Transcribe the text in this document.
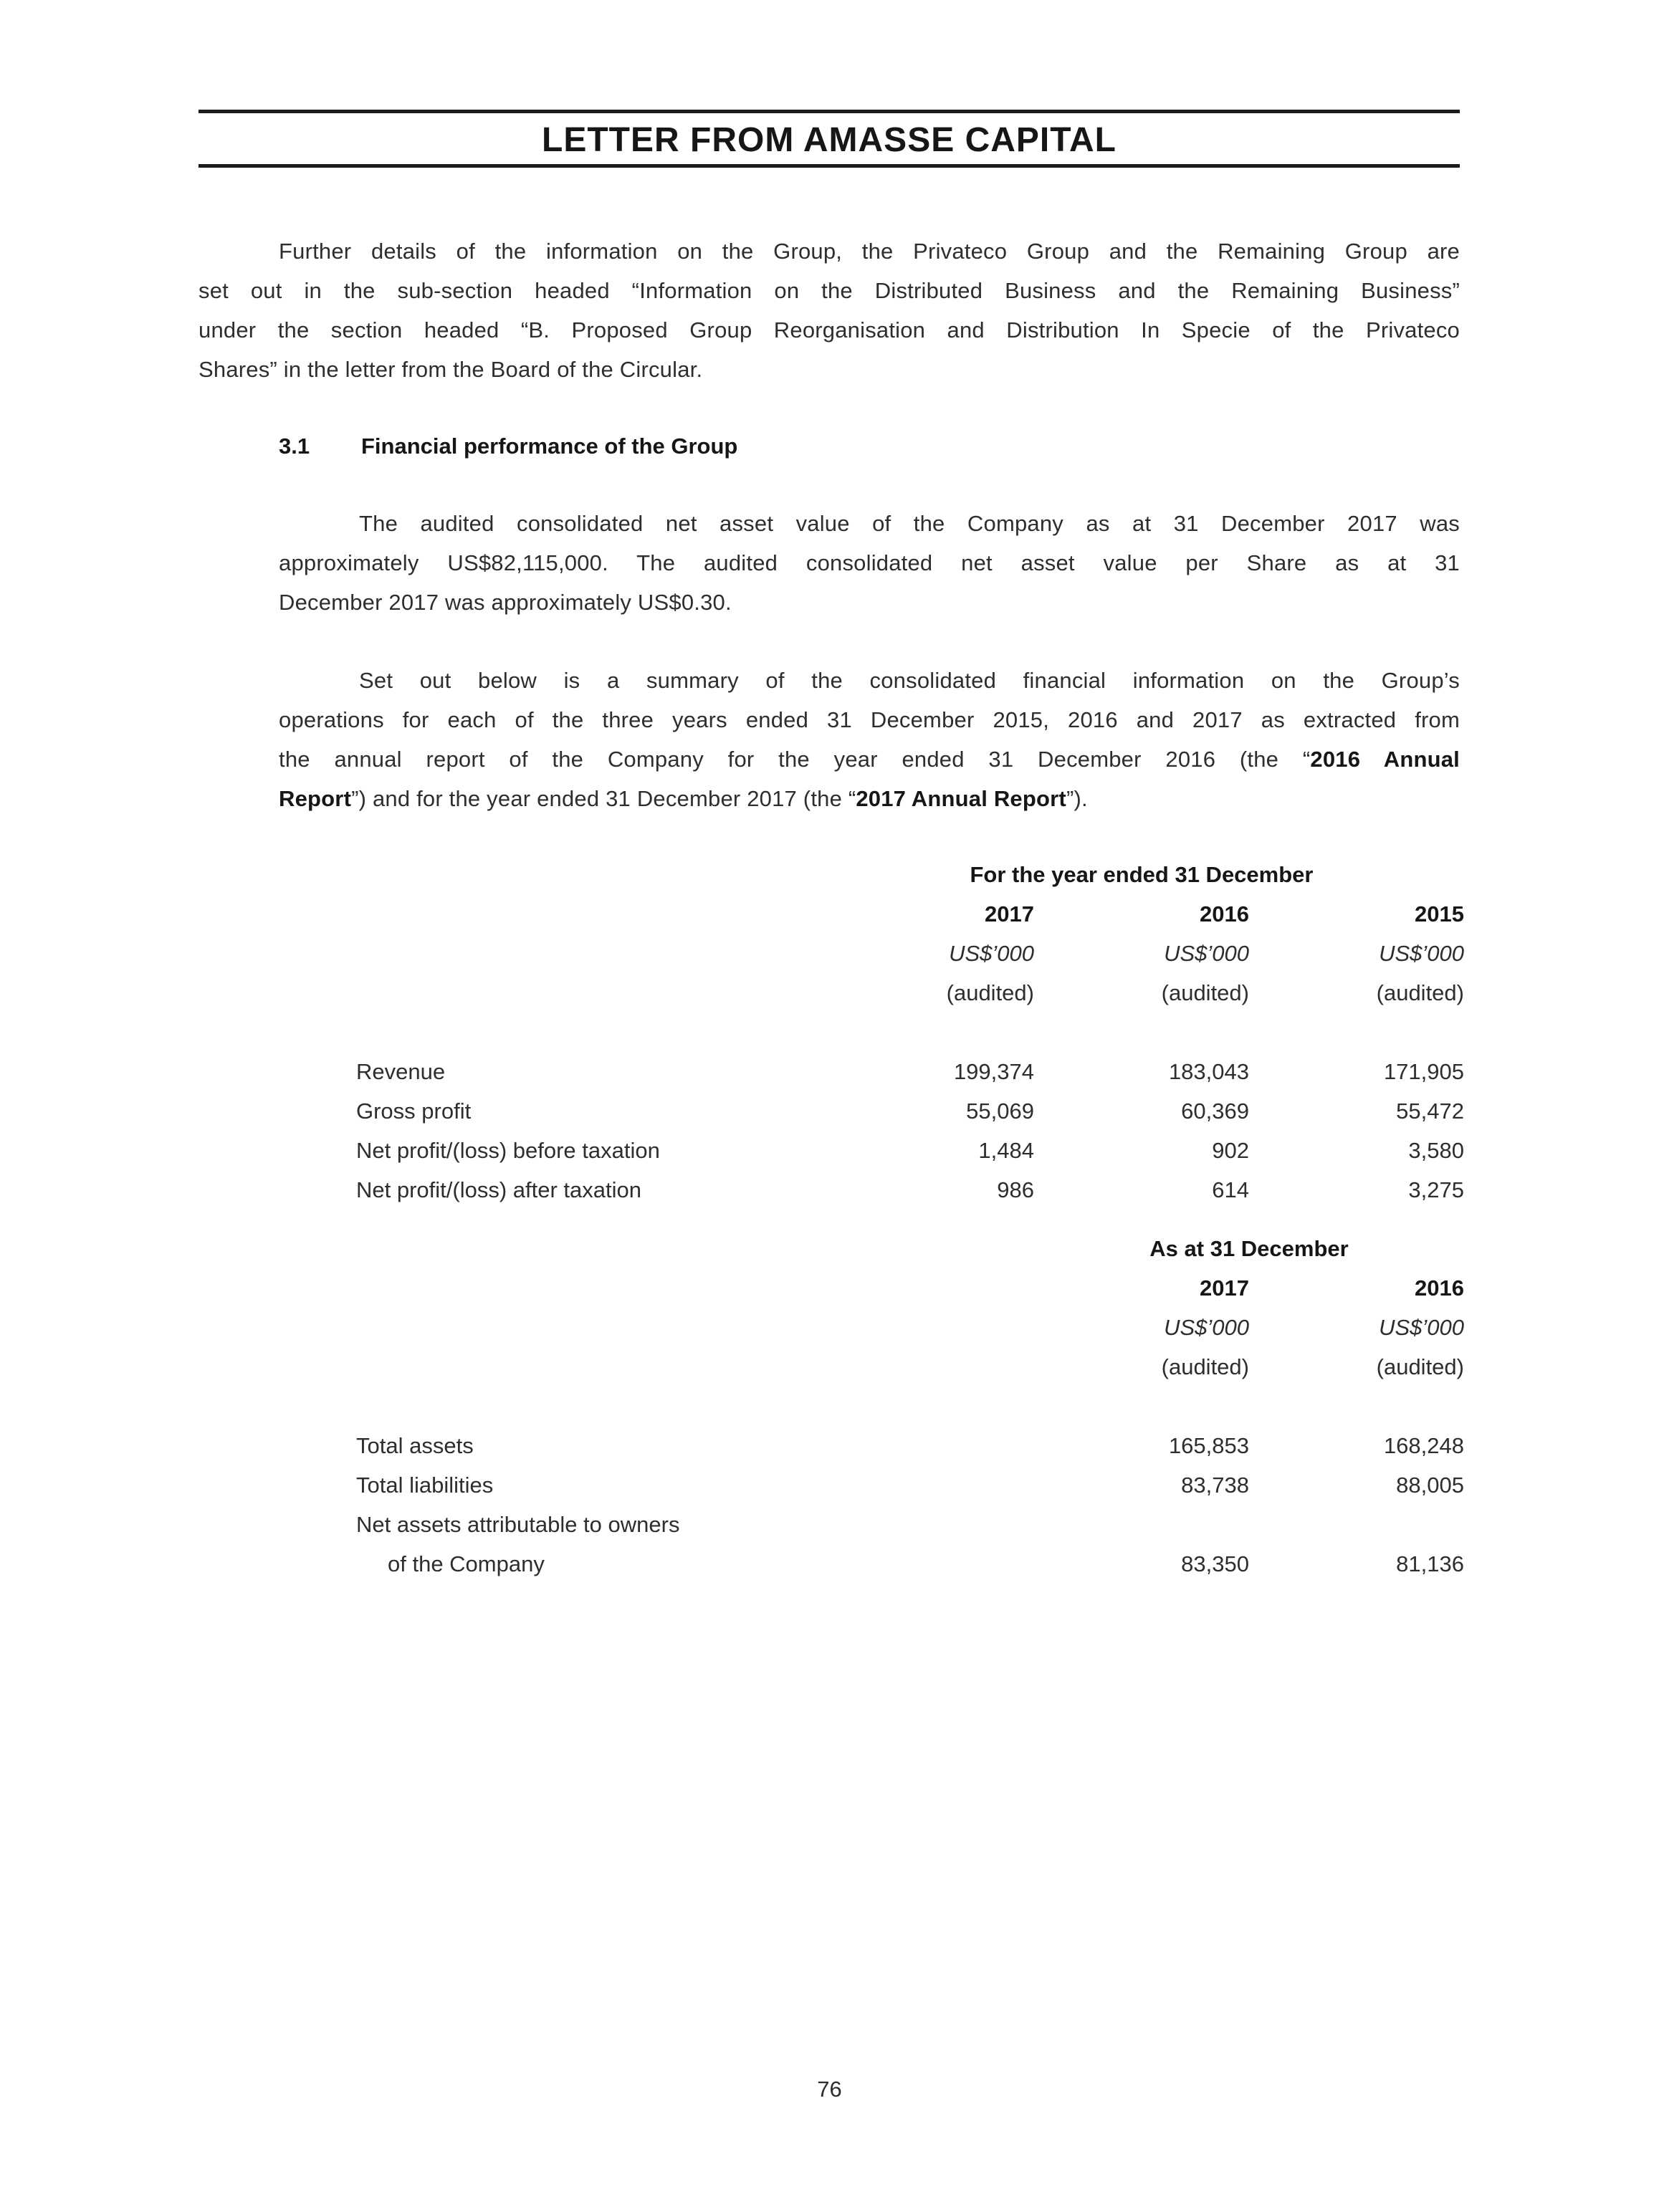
LETTER FROM AMASSE CAPITAL
Further details of the information on the Group, the Privateco Group and the Remaining Group are
set out in the sub-section headed “Information on the Distributed Business and the Remaining Business”
under the section headed “B. Proposed Group Reorganisation and Distribution In Specie of the Privateco
Shares” in the letter from the Board of the Circular.
3.1	Financial performance of the Group
The audited consolidated net asset value of the Company as at 31 December 2017 was
approximately US$82,115,000. The audited consolidated net asset value per Share as at 31
December 2017 was approximately US$0.30.
Set out below is a summary of the consolidated financial information on the Group’s
operations for each of the three years ended 31 December 2015, 2016 and 2017 as extracted from
the annual report of the Company for the year ended 31 December 2016 (the “2016 Annual
Report”) and for the year ended 31 December 2017 (the “2017 Annual Report”).
For the year ended 31 December
2017	2016	2015
US$’000	US$’000	US$’000
(audited)	(audited)	(audited)
Revenue	199,374	183,043	171,905
Gross profit	55,069	60,369	55,472
Net profit/(loss) before taxation	1,484	902	3,580
Net profit/(loss) after taxation	986	614	3,275
As at 31 December
2017	2016
US$’000	US$’000
(audited)	(audited)
Total assets	165,853	168,248
Total liabilities	83,738	88,005
Net assets attributable to owners
of the Company	83,350	81,136
76
